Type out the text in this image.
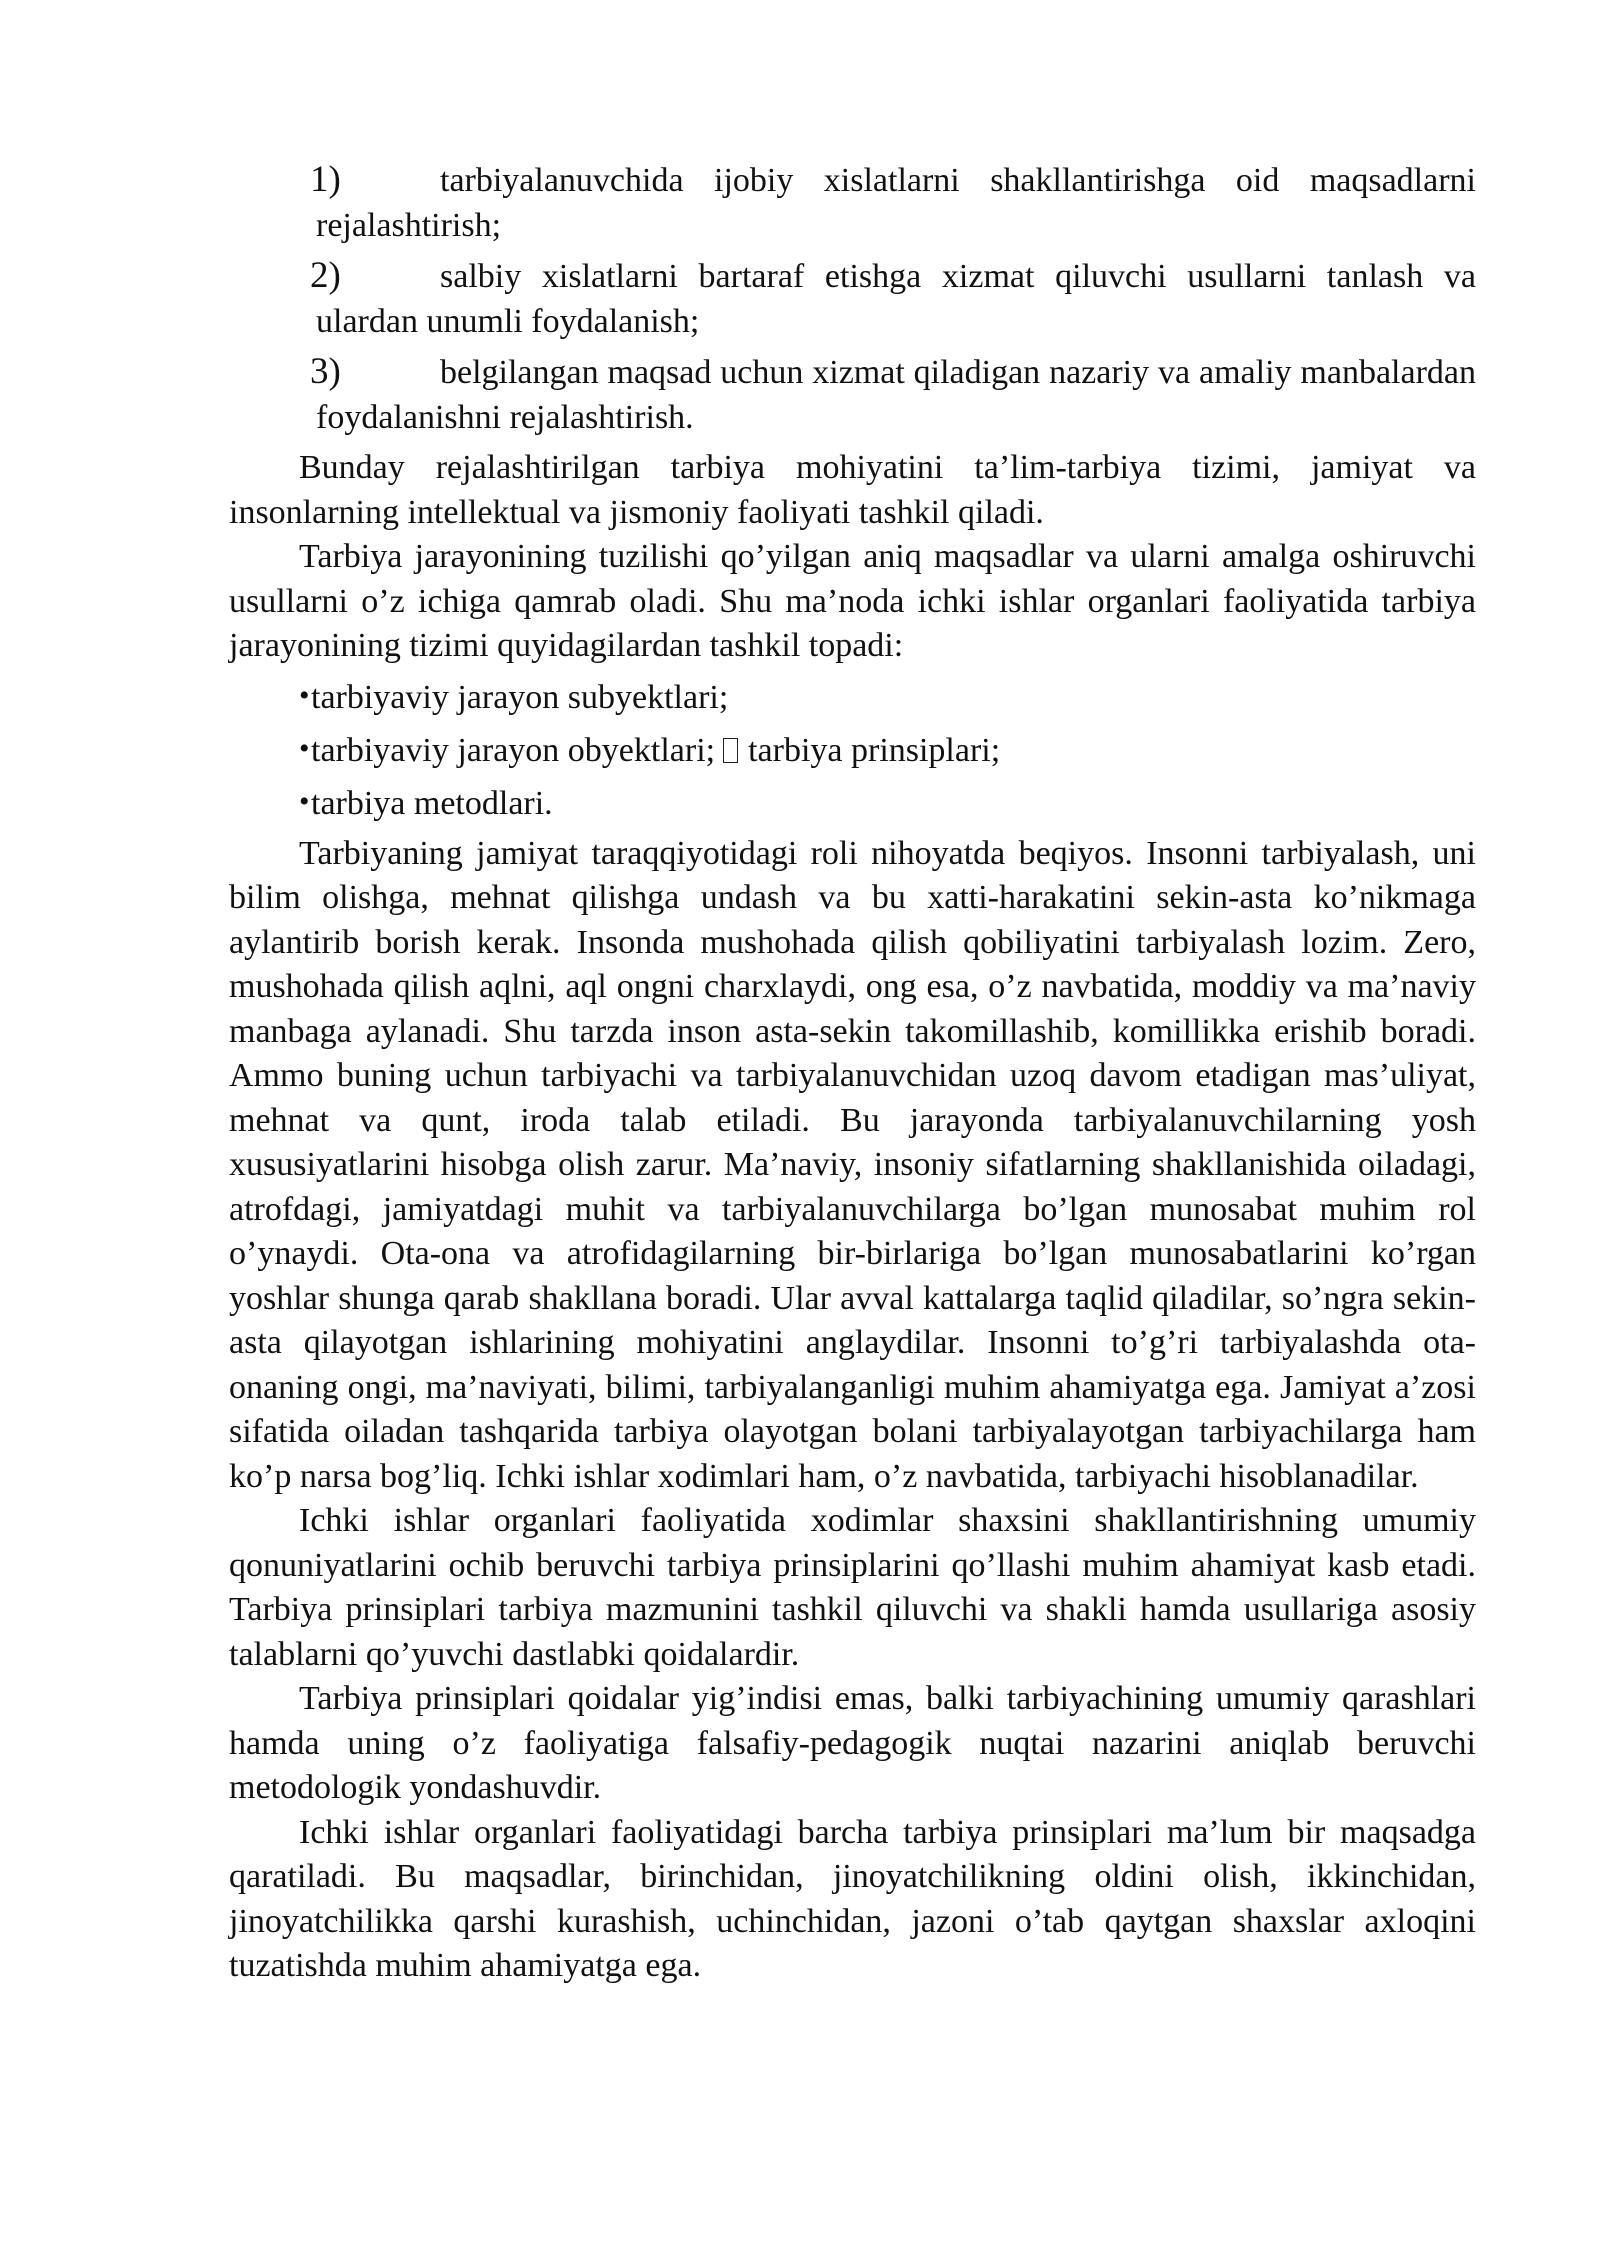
1)	tarbiyalanuvchida ijobiy xislatlarni shakllantirishga oid maqsadlarni rejalashtirish;
2)	salbiy xislatlarni bartaraf etishga xizmat qiluvchi usullarni tanlash va ulardan unumli foydalanish;
3)	belgilangan maqsad uchun xizmat qiladigan nazariy va amaliy manbalardan foydalanishni rejalashtirish.

Bunday rejalashtirilgan tarbiya mohiyatini ta’lim-tarbiya tizimi, jamiyat va insonlarning intellektual va jismoniy faoliyati tashkil qiladi.

Tarbiya jarayonining tuzilishi qo’yilgan aniq maqsadlar va ularni amalga oshiruvchi usullarni o’z ichiga qamrab oladi. Shu ma’noda ichki ishlar organlari faoliyatida tarbiya jarayonining tizimi quyidagilardan tashkil topadi:

•tarbiyaviy jarayon subyektlari;
•tarbiyaviy jarayon obyektlari; tarbiya prinsiplari;
•tarbiya metodlari.

Tarbiyaning jamiyat taraqqiyotidagi roli nihoyatda beqiyos. Insonni tarbiyalash, uni bilim olishga, mehnat qilishga undash va bu xatti-harakatini sekin-asta ko’nikmaga aylantirib borish kerak. Insonda mushohada qilish qobiliyatini tarbiyalash lozim. Zero, mushohada qilish aqlni, aql ongni charxlaydi, ong esa, o’z navbatida, moddiy va ma’naviy manbaga aylanadi. Shu tarzda inson asta-sekin takomillashib, komillikka erishib boradi. Ammo buning uchun tarbiyachi va tarbiyalanuvchidan uzoq davom etadigan mas’uliyat, mehnat va qunt, iroda talab etiladi. Bu jarayonda tarbiyalanuvchilarning yosh xususiyatlarini hisobga olish zarur. Ma’naviy, insoniy sifatlarning shakllanishida oiladagi, atrofdagi, jamiyatdagi muhit va tarbiyalanuvchilarga bo’lgan munosabat muhim rol o’ynaydi. Ota-ona va atrofidagilarning bir-birlariga bo’lgan munosabatlarini ko’rgan yoshlar shunga qarab shakllana boradi. Ular avval kattalarga taqlid qiladilar, so’ngra sekin-asta qilayotgan ishlarining mohiyatini anglaydilar. Insonni to’g’ri tarbiyalashda ota-onaning ongi, ma’naviyati, bilimi, tarbiyalanganligi muhim ahamiyatga ega. Jamiyat a’zosi sifatida oiladan tashqarida tarbiya olayotgan bolani tarbiyalayotgan tarbiyachilarga ham ko’p narsa bog’liq. Ichki ishlar xodimlari ham, o’z navbatida, tarbiyachi hisoblanadilar.

Ichki ishlar organlari faoliyatida xodimlar shaxsini shakllantirishning umumiy qonuniyatlarini ochib beruvchi tarbiya prinsiplarini qo’llashi muhim ahamiyat kasb etadi. Tarbiya prinsiplari tarbiya mazmunini tashkil qiluvchi va shakli hamda usullariga asosiy talablarni qo’yuvchi dastlabki qoidalardir.

Tarbiya prinsiplari qoidalar yig’indisi emas, balki tarbiyachining umumiy qarashlari hamda uning o’z faoliyatiga falsafiy-pedagogik nuqtai nazarini aniqlab beruvchi metodologik yondashuvdir.

Ichki ishlar organlari faoliyatidagi barcha tarbiya prinsiplari ma’lum bir maqsadga qaratiladi. Bu maqsadlar, birinchidan, jinoyatchilikning oldini olish, ikkinchidan, jinoyatchilikka qarshi kurashish, uchinchidan, jazoni o’tab qaytgan shaxslar axloqini tuzatishda muhim ahamiyatga ega.
